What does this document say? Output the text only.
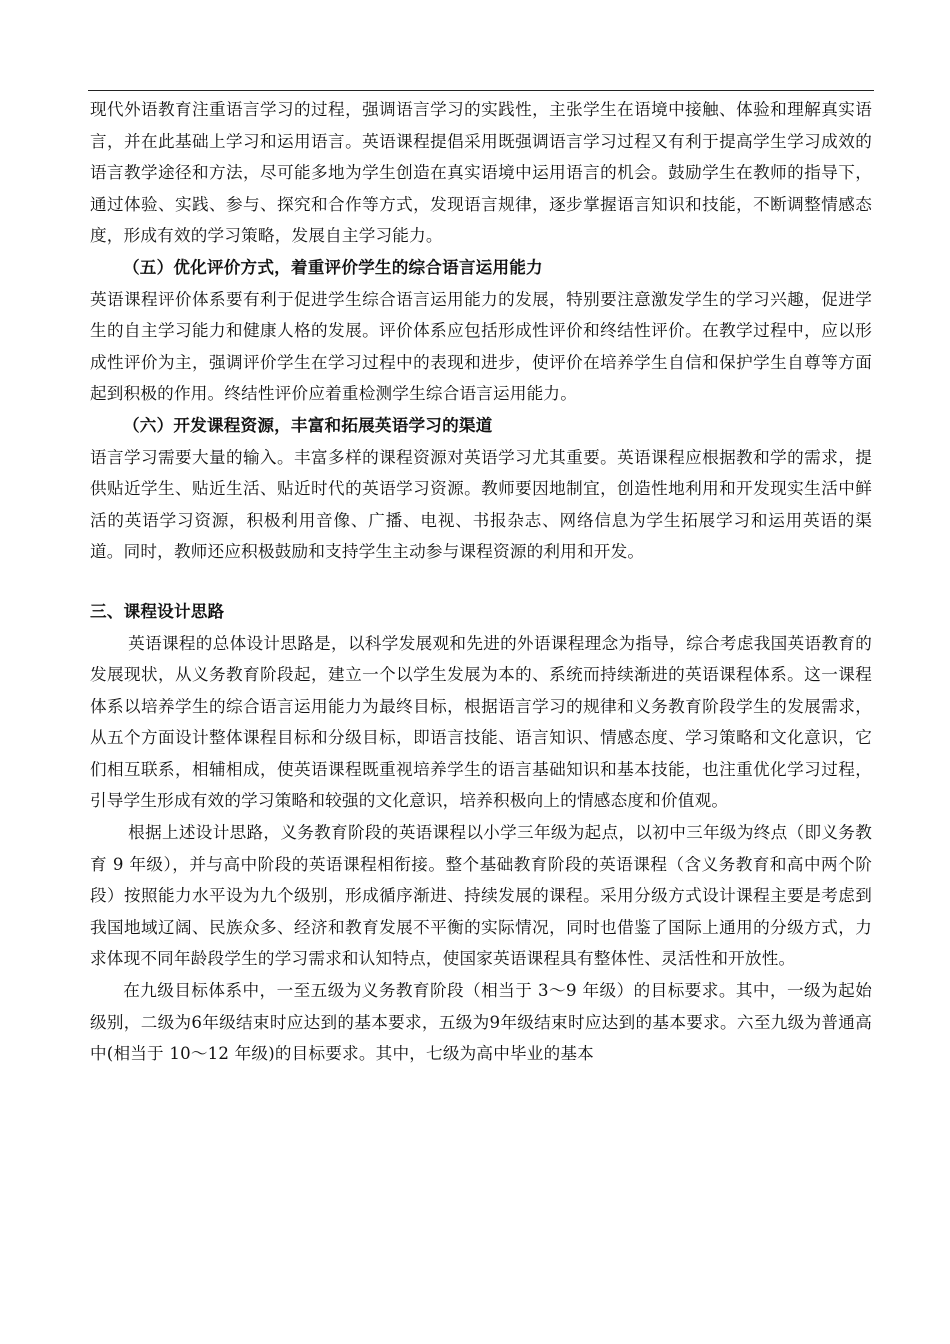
现代外语教育注重语言学习的过程，强调语言学习的实践性，主张学生在语境中接触、体验和理解真实语言，并在此基础上学习和运用语言。英语课程提倡采用既强调语言学习过程又有利于提高学生学习成效的语言教学途径和方法，尽可能多地为学生创造在真实语境中运用语言的机会。鼓励学生在教师的指导下，通过体验、实践、参与、探究和合作等方式，发现语言规律，逐步掌握语言知识和技能，不断调整情感态度，形成有效的学习策略，发展自主学习能力。

（五）优化评价方式，着重评价学生的综合语言运用能力

英语课程评价体系要有利于促进学生综合语言运用能力的发展，特别要注意激发学生的学习兴趣，促进学生的自主学习能力和健康人格的发展。评价体系应包括形成性评价和终结性评价。在教学过程中，应以形成性评价为主，强调评价学生在学习过程中的表现和进步，使评价在培养学生自信和保护学生自尊等方面起到积极的作用。终结性评价应着重检测学生综合语言运用能力。

（六）开发课程资源，丰富和拓展英语学习的渠道

语言学习需要大量的输入。丰富多样的课程资源对英语学习尤其重要。英语课程应根据教和学的需求，提供贴近学生、贴近生活、贴近时代的英语学习资源。教师要因地制宜，创造性地利用和开发现实生活中鲜活的英语学习资源，积极利用音像、广播、电视、书报杂志、网络信息为学生拓展学习和运用英语的渠道。同时，教师还应积极鼓励和支持学生主动参与课程资源的利用和开发。

三、课程设计思路

英语课程的总体设计思路是，以科学发展观和先进的外语课程理念为指导，综合考虑我国英语教育的发展现状，从义务教育阶段起，建立一个以学生发展为本的、系统而持续渐进的英语课程体系。这一课程体系以培养学生的综合语言运用能力为最终目标，根据语言学习的规律和义务教育阶段学生的发展需求，从五个方面设计整体课程目标和分级目标，即语言技能、语言知识、情感态度、学习策略和文化意识，它们相互联系，相辅相成，使英语课程既重视培养学生的语言基础知识和基本技能，也注重优化学习过程，引导学生形成有效的学习策略和较强的文化意识，培养积极向上的情感态度和价值观。

根据上述设计思路，义务教育阶段的英语课程以小学三年级为起点，以初中三年级为终点（即义务教育 9 年级），并与高中阶段的英语课程相衔接。整个基础教育阶段的英语课程（含义务教育和高中两个阶段）按照能力水平设为九个级别，形成循序渐进、持续发展的课程。采用分级方式设计课程主要是考虑到我国地域辽阔、民族众多、经济和教育发展不平衡的实际情况，同时也借鉴了国际上通用的分级方式，力求体现不同年龄段学生的学习需求和认知特点，使国家英语课程具有整体性、灵活性和开放性。

在九级目标体系中，一至五级为义务教育阶段（相当于 3～9 年级）的目标要求。其中，一级为起始级别，二级为6年级结束时应达到的基本要求，五级为9年级结束时应达到的基本要求。六至九级为普通高中(相当于 10～12 年级)的目标要求。其中，七级为高中毕业的基本
